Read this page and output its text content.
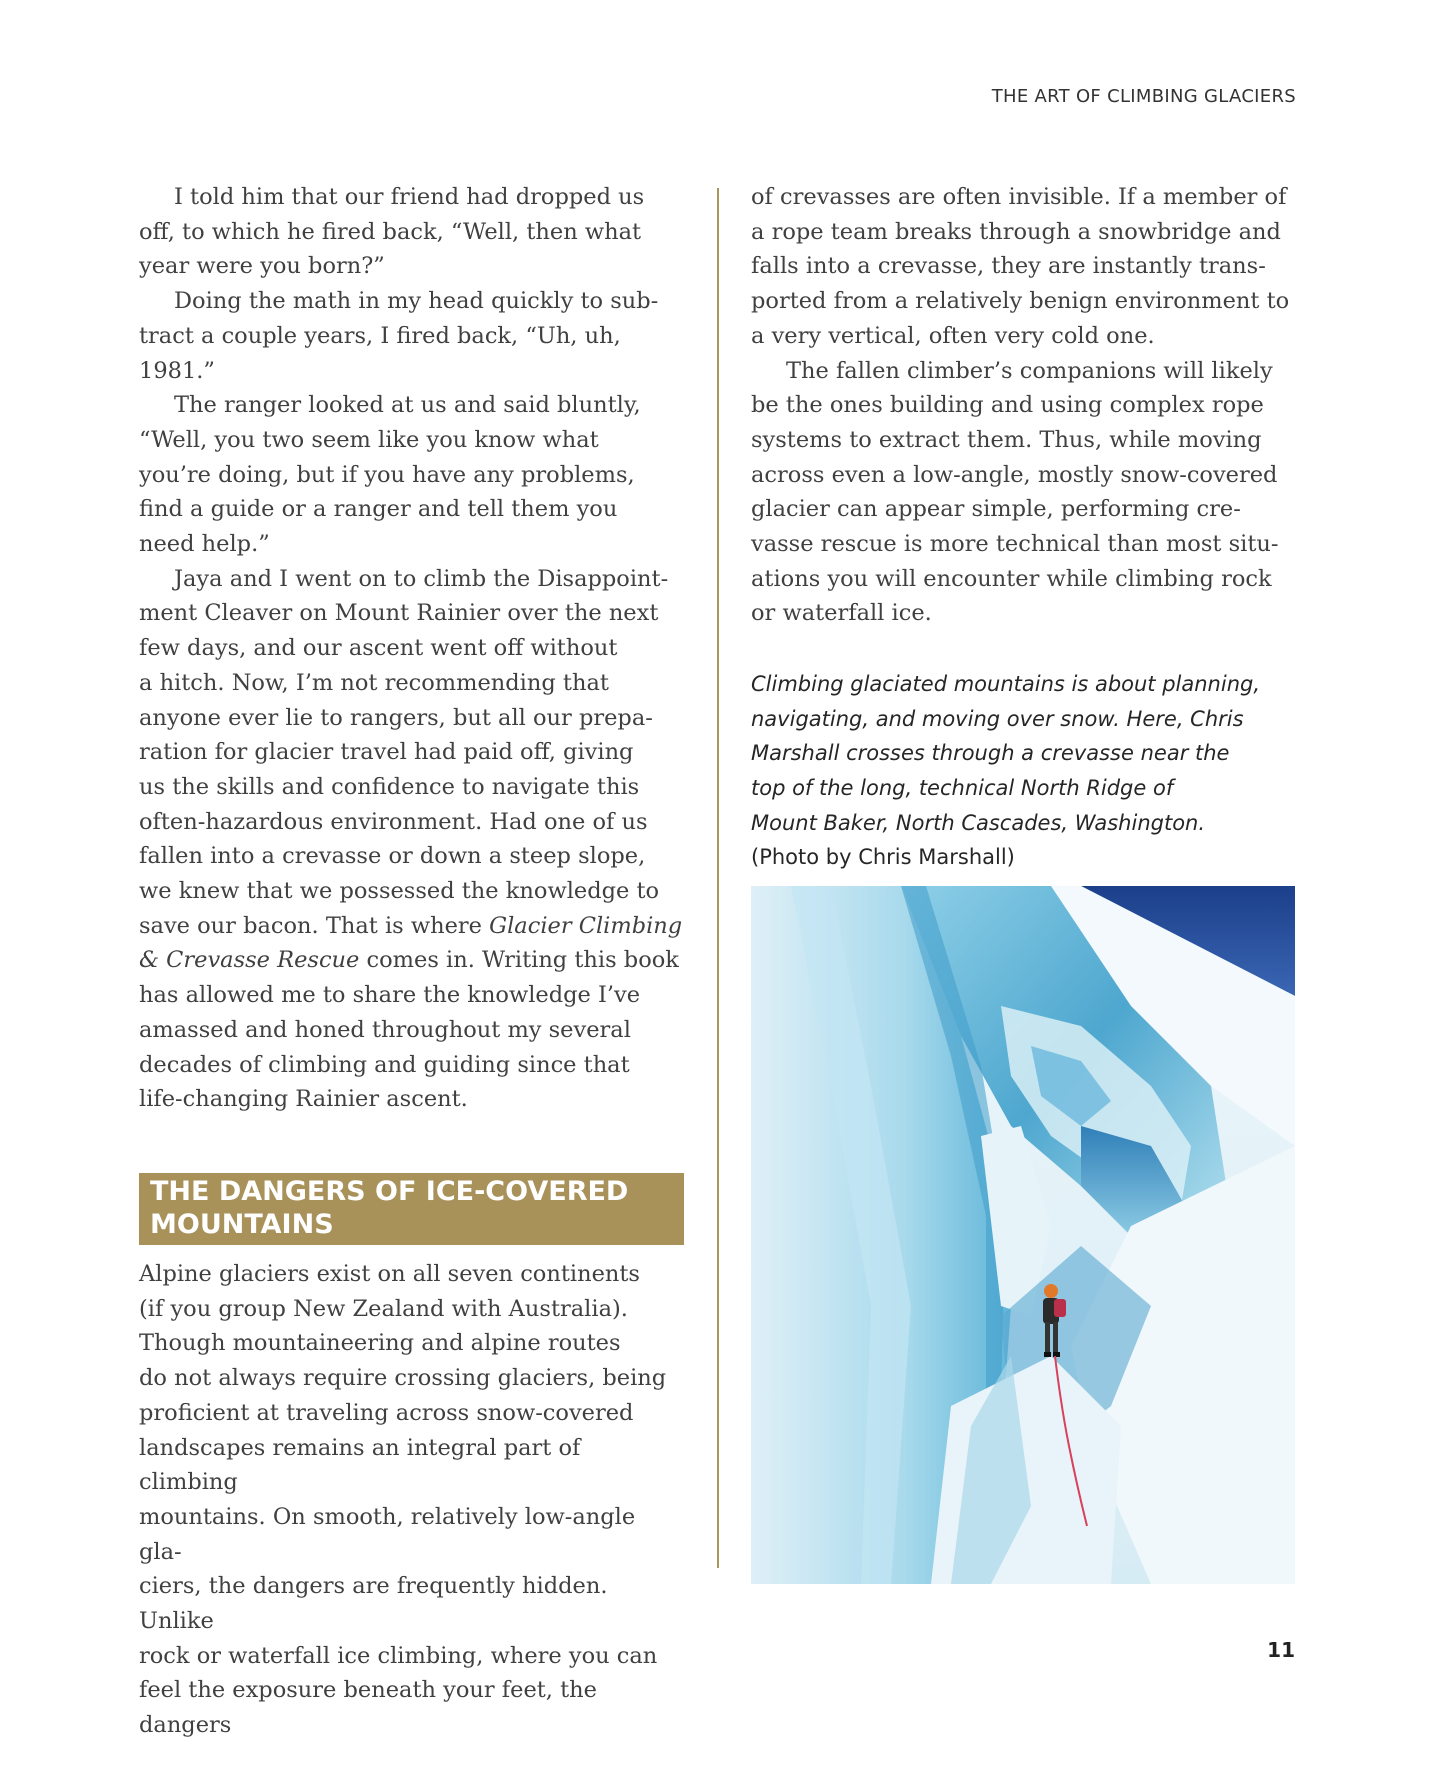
THE ART OF CLIMBING GLACIERS

I told him that our friend had dropped us
off, to which he fired back, “Well, then what
year were you born?”

Doing the math in my head quickly to sub-
tract a couple years, I fired back, “Uh, uh, 1981.”

The ranger looked at us and said bluntly,
“Well, you two seem like you know what
you’re doing, but if you have any problems,
find a guide or a ranger and tell them you
need help.”

Jaya and I went on to climb the Disappoint-
ment Cleaver on Mount Rainier over the next
few days, and our ascent went off without
a hitch. Now, I’m not recommending that
anyone ever lie to rangers, but all our prepa-
ration for glacier travel had paid off, giving
us the skills and confidence to navigate this
often-hazardous environment. Had one of us
fallen into a crevasse or down a steep slope,
we knew that we possessed the knowledge to
save our bacon. That is where Glacier Climbing
& Crevasse Rescue comes in. Writing this book
has allowed me to share the knowledge I’ve
amassed and honed throughout my several
decades of climbing and guiding since that
life-changing Rainier ascent.

THE DANGERS OF ICE-COVERED
MOUNTAINS

Alpine glaciers exist on all seven continents
(if you group New Zealand with Australia).
Though mountaineering and alpine routes
do not always require crossing glaciers, being
proficient at traveling across snow-covered
landscapes remains an integral part of climbing
mountains. On smooth, relatively low-angle gla-
ciers, the dangers are frequently hidden. Unlike
rock or waterfall ice climbing, where you can
feel the exposure beneath your feet, the dangers

of crevasses are often invisible. If a member of
a rope team breaks through a snowbridge and
falls into a crevasse, they are instantly trans-
ported from a relatively benign environment to
a very vertical, often very cold one.

The fallen climber’s companions will likely
be the ones building and using complex rope
systems to extract them. Thus, while moving
across even a low-angle, mostly snow-covered
glacier can appear simple, performing cre-
vasse rescue is more technical than most situ-
ations you will encounter while climbing rock
or waterfall ice.

Climbing glaciated mountains is about planning,
navigating, and moving over snow. Here, Chris
Marshall crosses through a crevasse near the
top of the long, technical North Ridge of
Mount Baker, North Cascades, Washington.
(Photo by Chris Marshall)
11
